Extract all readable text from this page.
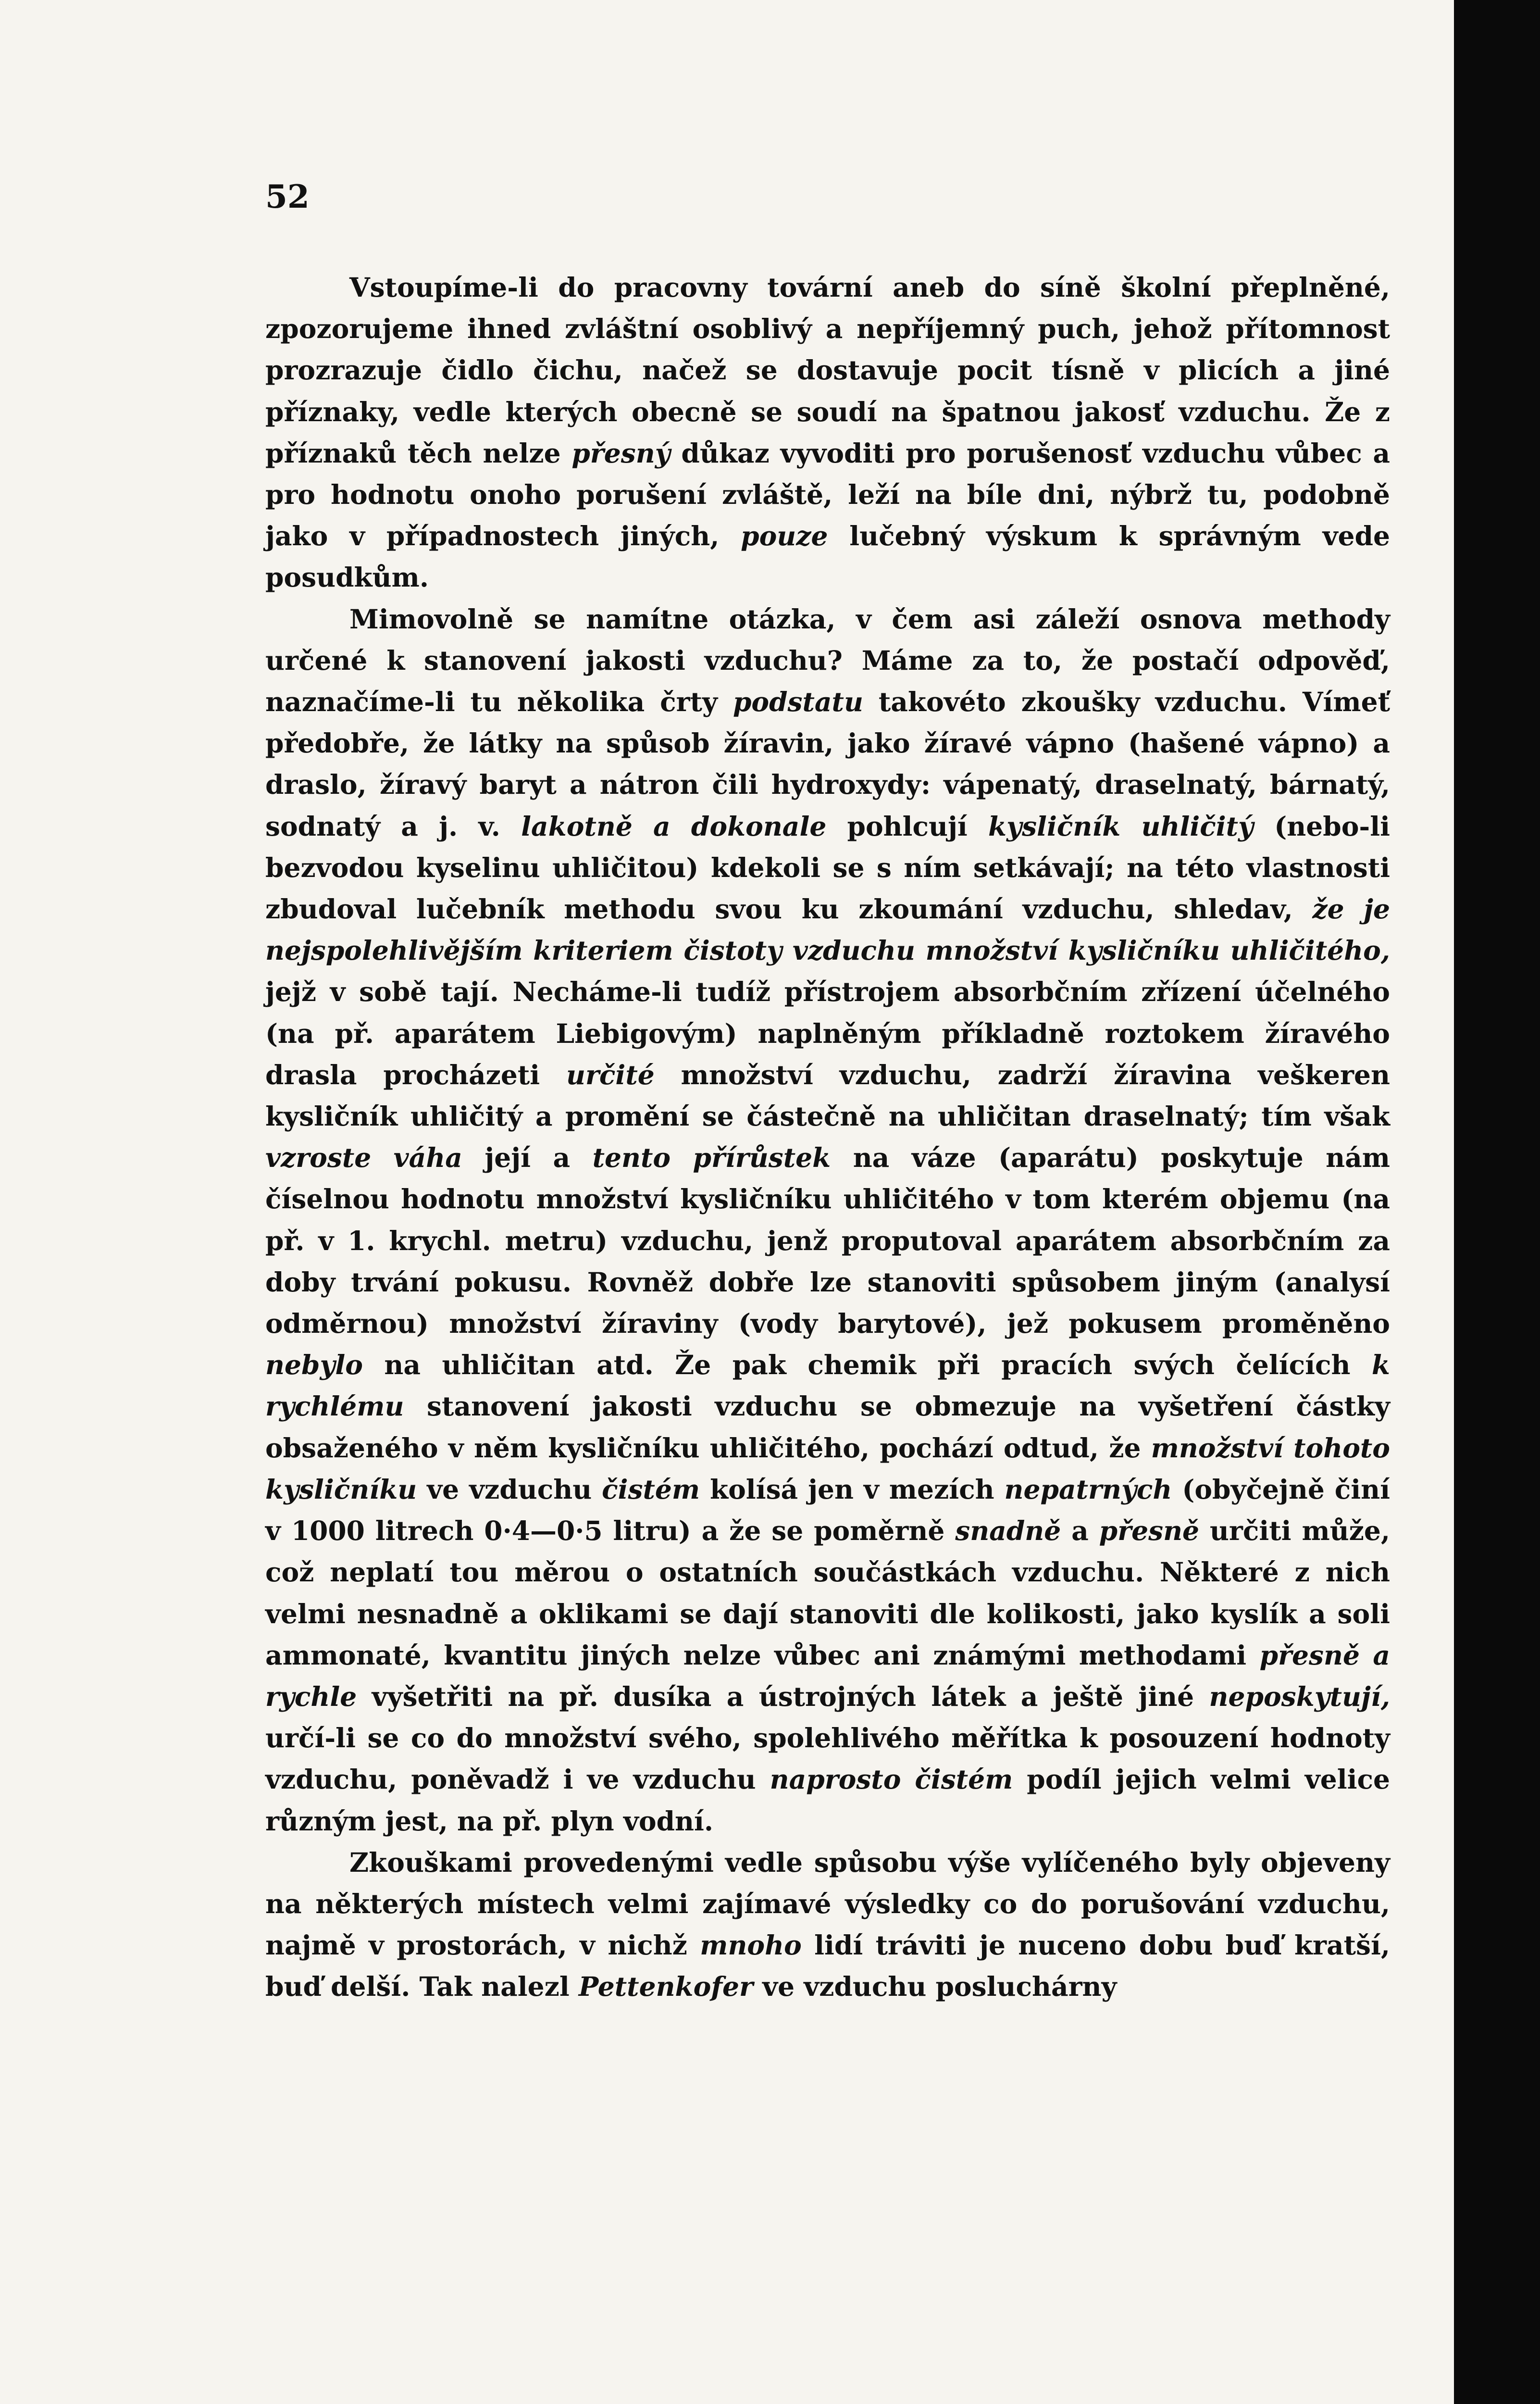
52

Vstoupíme-li do pracovny tovární aneb do síně školní přeplněné, zpozorujeme ihned zvláštní osoblivý a nepříjemný puch, jehož přítomnost prozrazuje čidlo čichu, načež se dostavuje pocit tísně v plicích a jiné příznaky, vedle kterých obecně se soudí na špatnou jakosť vzduchu. Že z příznaků těch nelze přesný důkaz vyvoditi pro porušenosť vzduchu vůbec a pro hodnotu onoho porušení zvláště, leží na bíle dni, nýbrž tu, podobně jako v případnostech jiných, pouze lučebný výskum k správným vede posudkům.

Mimovolně se namítne otázka, v čem asi záleží osnova methody určené k stanovení jakosti vzduchu? Máme za to, že postačí odpověď, naznačíme-li tu několika črty podstatu takovéto zkoušky vzduchu. Vímeť předobře, že látky na spůsob žíravin, jako žíravé vápno (hašené vápno) a draslo, žíravý baryt a nátron čili hydroxydy: vápenatý, draselnatý, bárnatý, sodnatý a j. v. lakotně a dokonale pohlcují kysličník uhličitý (nebo-li bezvodou kyselinu uhličitou) kdekoli se s ním setkávají; na této vlastnosti zbudoval lučebník methodu svou ku zkoumání vzduchu, shledav, že je nejspolehlivějším kriteriem čistoty vzduchu množství kysličníku uhličitého, jejž v sobě tají. Necháme-li tudíž přístrojem absorbčním zřízení účelného (na př. aparátem Liebigovým) naplněným příkladně roztokem žíravého drasla procházeti určité množství vzduchu, zadrží žíravina veškeren kysličník uhličitý a promění se částečně na uhličitan draselnatý; tím však vzroste váha její a tento přírůstek na váze (aparátu) poskytuje nám číselnou hodnotu množství kysličníku uhličitého v tom kterém objemu (na př. v 1. krychl. metru) vzduchu, jenž proputoval aparátem absorbčním za doby trvání pokusu. Rovněž dobře lze stanoviti spůsobem jiným (analysí odměrnou) množství žíraviny (vody barytové), jež pokusem proměněno nebylo na uhličitan atd. Že pak chemik při pracích svých čelících k rychlému stanovení jakosti vzduchu se obmezuje na vyšetření částky obsaženého v něm kysličníku uhličitého, pochází odtud, že množství tohoto kysličníku ve vzduchu čistém kolísá jen v mezích nepatrných (obyčejně činí v 1000 litrech 0·4—0·5 litru) a že se poměrně snadně a přesně určiti může, což neplatí tou měrou o ostatních součástkách vzduchu. Některé z nich velmi nesnadně a oklikami se dají stanoviti dle kolikosti, jako kyslík a soli ammonaté, kvantitu jiných nelze vůbec ani známými methodami přesně a rychle vyšetřiti na př. dusíka a ústrojných látek a ještě jiné neposkytují, určí-li se co do množství svého, spolehlivého měřítka k posouzení hodnoty vzduchu, poněvadž i ve vzduchu naprosto čistém podíl jejich velmi velice různým jest, na př. plyn vodní.

Zkouškami provedenými vedle spůsobu výše vylíčeného byly objeveny na některých místech velmi zajímavé výsledky co do porušování vzduchu, najmě v prostorách, v nichž mnoho lidí tráviti je nuceno dobu buď kratší, buď delší. Tak nalezl Pettenkofer ve vzduchu posluchárny
